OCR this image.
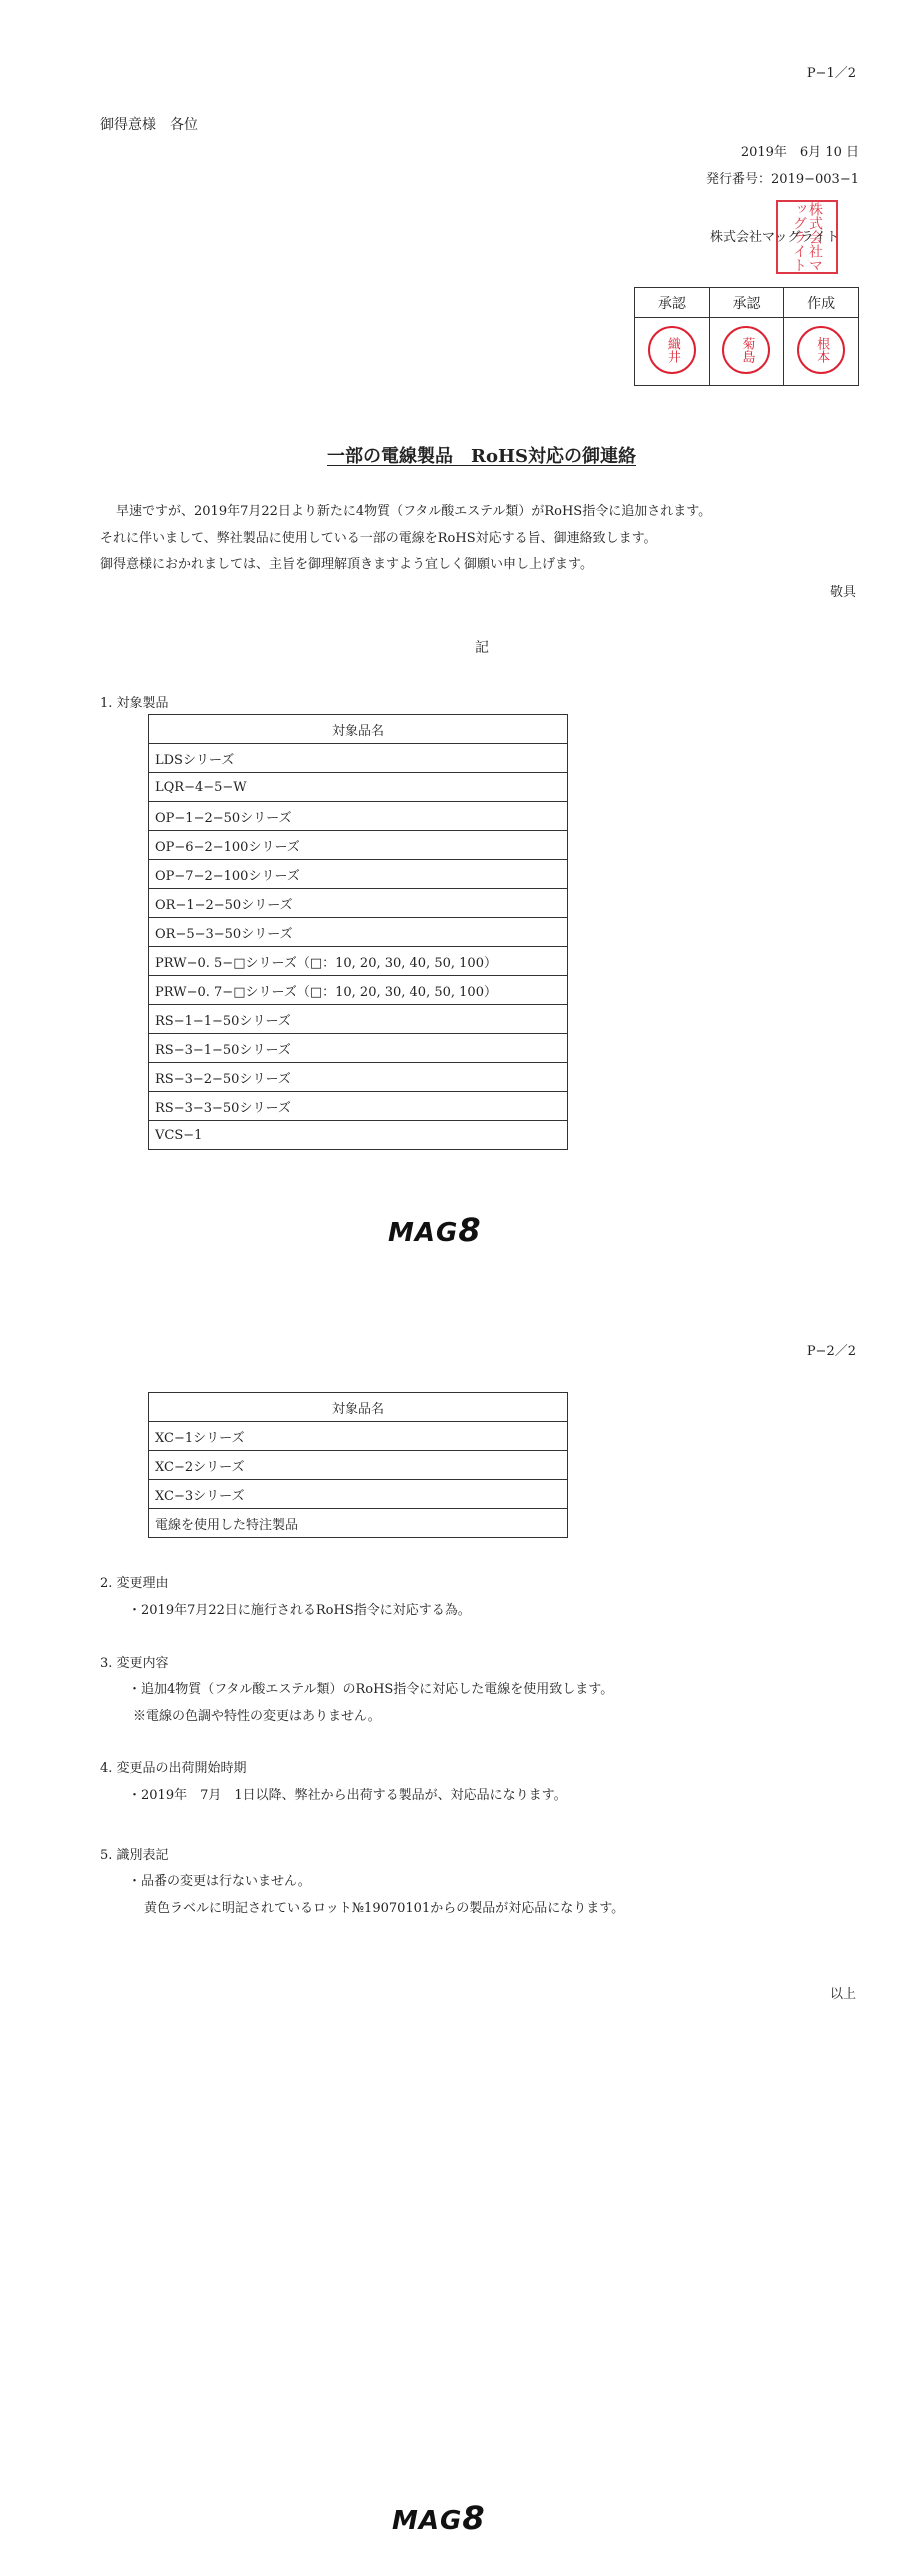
P−1／2
御得意様　各位
2019年　6月 10 日
発行番号：2019−003−1
株式会社マッグライト
株式会社マッグライト
承認	承認	作成
織井	菊島	根本
一部の電線製品　RoHS対応の御連絡
早速ですが、2019年7月22日より新たに4物質（フタル酸エステル類）がRoHS指令に追加されます。
それに伴いまして、弊社製品に使用している一部の電線をRoHS対応する旨、御連絡致します。
御得意様におかれましては、主旨を御理解頂きますよう宜しく御願い申し上げます。
敬具
記
1. 対象製品
対象品名
LDSシリーズ
LQR−4−5−W
OP−1−2−50シリーズ
OP−6−2−100シリーズ
OP−7−2−100シリーズ
OR−1−2−50シリーズ
OR−5−3−50シリーズ
PRW−0. 5−□シリーズ（□：10, 20, 30, 40, 50, 100）
PRW−0. 7−□シリーズ（□：10, 20, 30, 40, 50, 100）
RS−1−1−50シリーズ
RS−3−1−50シリーズ
RS−3−2−50シリーズ
RS−3−3−50シリーズ
VCS−1
MAG8
P−2／2
対象品名
XC−1シリーズ
XC−2シリーズ
XC−3シリーズ
電線を使用した特注製品
2. 変更理由
・2019年7月22日に施行されるRoHS指令に対応する為。
3. 変更内容
・追加4物質（フタル酸エステル類）のRoHS指令に対応した電線を使用致します。
※電線の色調や特性の変更はありません。
4. 変更品の出荷開始時期
・2019年　7月　1日以降、弊社から出荷する製品が、対応品になります。
5. 識別表記
・品番の変更は行ないません。
黄色ラベルに明記されているロット№19070101からの製品が対応品になります。
以上
MAG8
